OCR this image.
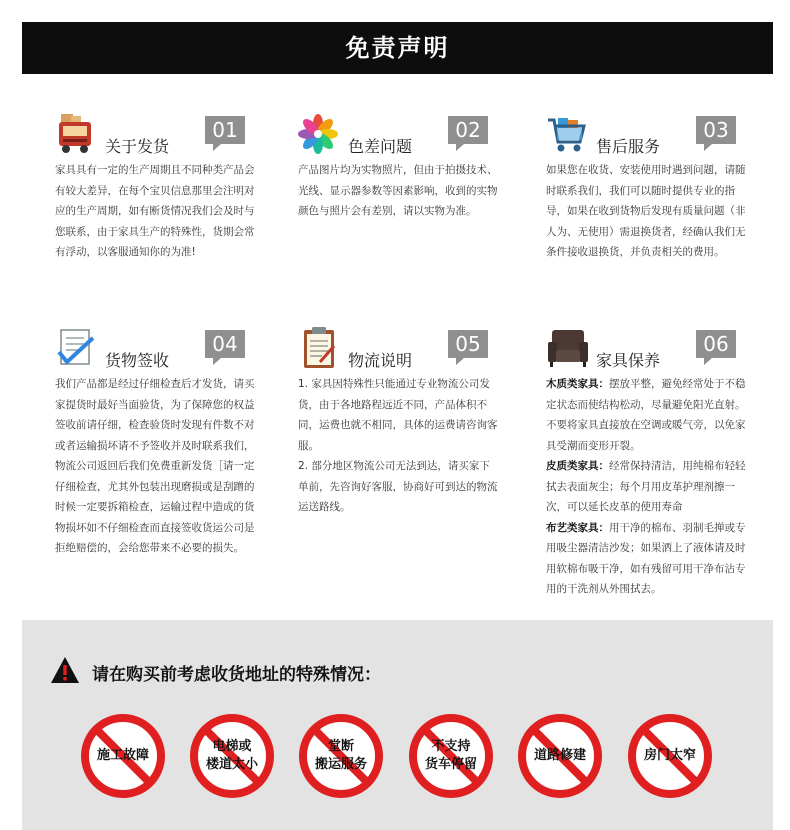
免责声明
关于发货
01
家具具有一定的生产周期且不同种类产品会有较大差异，在每个宝贝信息那里会注明对应的生产周期，如有断货情况我们会及时与您联系，由于家具生产的特殊性，货期会常有浮动，以客服通知你的为准!
色差问题
02
产品图片均为实物照片，但由于拍摄技术、光线、显示器参数等因素影响，收到的实物颜色与照片会有差别，请以实物为准。
售后服务
03
如果您在收货、安装使用时遇到问题，请随时联系我们，我们可以随时提供专业的指导，如果在收到货物后发现有质量问题（非人为、无使用）需退换货者，经确认我们无条件接收退换货，并负责相关的费用。
货物签收
04
我们产品都是经过仔细检查后才发货，请买家提货时最好当面验货，为了保障您的权益签收前请仔细，检查验货时发现有件数不对或者运输损坏请不予签收并及时联系我们，物流公司返回后我们免费重新发货［请一定仔细检查，尤其外包装出现磨损或是刮蹭的时候一定要拆箱检查，运输过程中造成的货物损坏如不仔细检查而直接签收货运公司是拒绝赔偿的，会给您带来不必要的损失。
物流说明
05
1. 家具因特殊性只能通过专业物流公司发货，由于各地路程远近不同，产品体积不同，运费也就不相同，具体的运费请咨询客服。
2. 部分地区物流公司无法到达，请买家下单前，先咨询好客服，协商好可到达的物流运送路线。
家具保养
06

木质类家具：摆放平整，避免经常处于不稳定状态而使结构松动，尽量避免阳光直射。不要将家具直接放在空调或暖气旁，以免家具受潮而变形开裂。

皮质类家具：经常保持清洁，用纯棉布轻轻拭去表面灰尘；每个月用皮革护理剂擦一次，可以延长皮革的使用寿命

布艺类家具：用干净的棉布、羽制毛掸或专用吸尘器清洁沙发；如果洒上了液体请及时用软棉布吸干净，如有残留可用干净布沾专用的干洗剂从外围拭去。

请在购买前考虑收货地址的特殊情况：
施工故障
电梯或
楼道太小
堂断
搬运服务
不支持
货车停留
道路修建	房门太窄
